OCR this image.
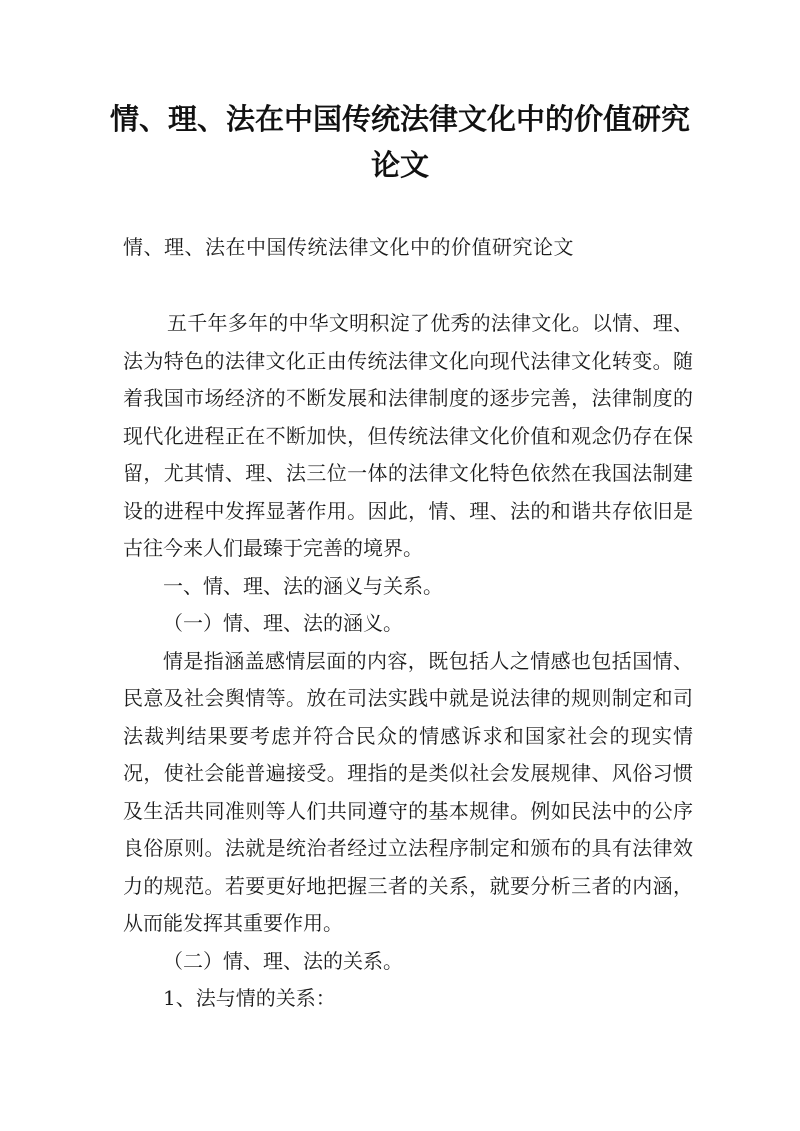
情、理、法在中国传统法律文化中的价值研究论文
情、理、法在中国传统法律文化中的价值研究论文

五千年多年的中华文明积淀了优秀的法律文化。以情、理、法为特色的法律文化正由传统法律文化向现代法律文化转变。随着我国市场经济的不断发展和法律制度的逐步完善，法律制度的现代化进程正在不断加快，但传统法律文化价值和观念仍存在保留，尤其情、理、法三位一体的法律文化特色依然在我国法制建设的进程中发挥显著作用。因此，情、理、法的和谐共存依旧是古往今来人们最臻于完善的境界。

一、情、理、法的涵义与关系。

（一）情、理、法的涵义。

情是指涵盖感情层面的内容，既包括人之情感也包括国情、民意及社会舆情等。放在司法实践中就是说法律的规则制定和司法裁判结果要考虑并符合民众的情感诉求和国家社会的现实情况，使社会能普遍接受。理指的是类似社会发展规律、风俗习惯及生活共同准则等人们共同遵守的基本规律。例如民法中的公序良俗原则。法就是统治者经过立法程序制定和颁布的具有法律效力的规范。若要更好地把握三者的关系，就要分析三者的内涵，从而能发挥其重要作用。

（二）情、理、法的关系。

1、法与情的关系：
